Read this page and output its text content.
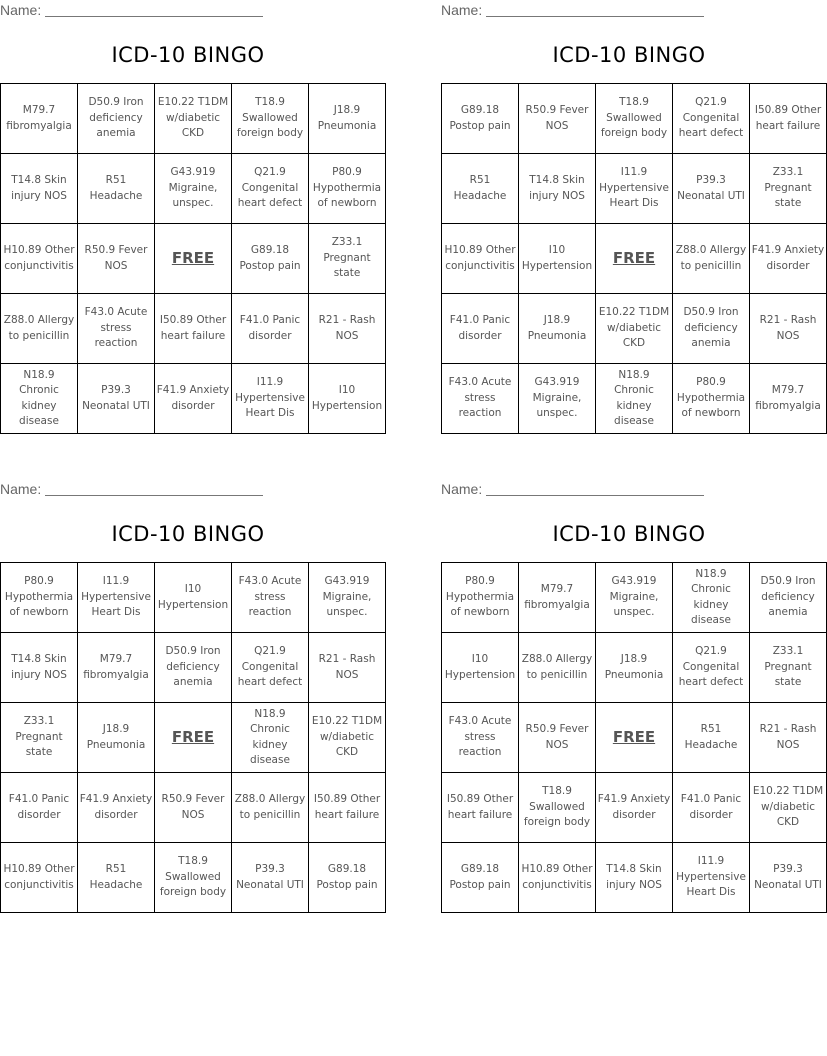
Name:
ICD-10 BINGO
M79.7 fibromyalgia	D50.9 Iron deficiency anemia	E10.22 T1DM w/diabetic CKD	T18.9 Swallowed foreign body	J18.9 Pneumonia
T14.8 Skin injury NOS	R51 Headache	G43.919 Migraine, unspec.	Q21.9 Congenital heart defect	P80.9 Hypothermia of newborn
H10.89 Other conjunctivitis	R50.9 Fever NOS	FREE	G89.18 Postop pain	Z33.1 Pregnant state
Z88.0 Allergy to penicillin	F43.0 Acute stress reaction	I50.89 Other heart failure	F41.0 Panic disorder	R21 - Rash NOS
N18.9 Chronic kidney disease	P39.3 Neonatal UTI	F41.9 Anxiety disorder	I11.9 Hypertensive Heart Dis	I10 Hypertension
Name:
ICD-10 BINGO
G89.18 Postop pain	R50.9 Fever NOS	T18.9 Swallowed foreign body	Q21.9 Congenital heart defect	I50.89 Other heart failure
R51 Headache	T14.8 Skin injury NOS	I11.9 Hypertensive Heart Dis	P39.3 Neonatal UTI	Z33.1 Pregnant state
H10.89 Other conjunctivitis	I10 Hypertension	FREE	Z88.0 Allergy to penicillin	F41.9 Anxiety disorder
F41.0 Panic disorder	J18.9 Pneumonia	E10.22 T1DM w/diabetic CKD	D50.9 Iron deficiency anemia	R21 - Rash NOS
F43.0 Acute stress reaction	G43.919 Migraine, unspec.	N18.9 Chronic kidney disease	P80.9 Hypothermia of newborn	M79.7 fibromyalgia
Name:
ICD-10 BINGO
P80.9 Hypothermia of newborn	I11.9 Hypertensive Heart Dis	I10 Hypertension	F43.0 Acute stress reaction	G43.919 Migraine, unspec.
T14.8 Skin injury NOS	M79.7 fibromyalgia	D50.9 Iron deficiency anemia	Q21.9 Congenital heart defect	R21 - Rash NOS
Z33.1 Pregnant state	J18.9 Pneumonia	FREE	N18.9 Chronic kidney disease	E10.22 T1DM w/diabetic CKD
F41.0 Panic disorder	F41.9 Anxiety disorder	R50.9 Fever NOS	Z88.0 Allergy to penicillin	I50.89 Other heart failure
H10.89 Other conjunctivitis	R51 Headache	T18.9 Swallowed foreign body	P39.3 Neonatal UTI	G89.18 Postop pain
Name:
ICD-10 BINGO
P80.9 Hypothermia of newborn	M79.7 fibromyalgia	G43.919 Migraine, unspec.	N18.9 Chronic kidney disease	D50.9 Iron deficiency anemia
I10 Hypertension	Z88.0 Allergy to penicillin	J18.9 Pneumonia	Q21.9 Congenital heart defect	Z33.1 Pregnant state
F43.0 Acute stress reaction	R50.9 Fever NOS	FREE	R51 Headache	R21 - Rash NOS
I50.89 Other heart failure	T18.9 Swallowed foreign body	F41.9 Anxiety disorder	F41.0 Panic disorder	E10.22 T1DM w/diabetic CKD
G89.18 Postop pain	H10.89 Other conjunctivitis	T14.8 Skin injury NOS	I11.9 Hypertensive Heart Dis	P39.3 Neonatal UTI
